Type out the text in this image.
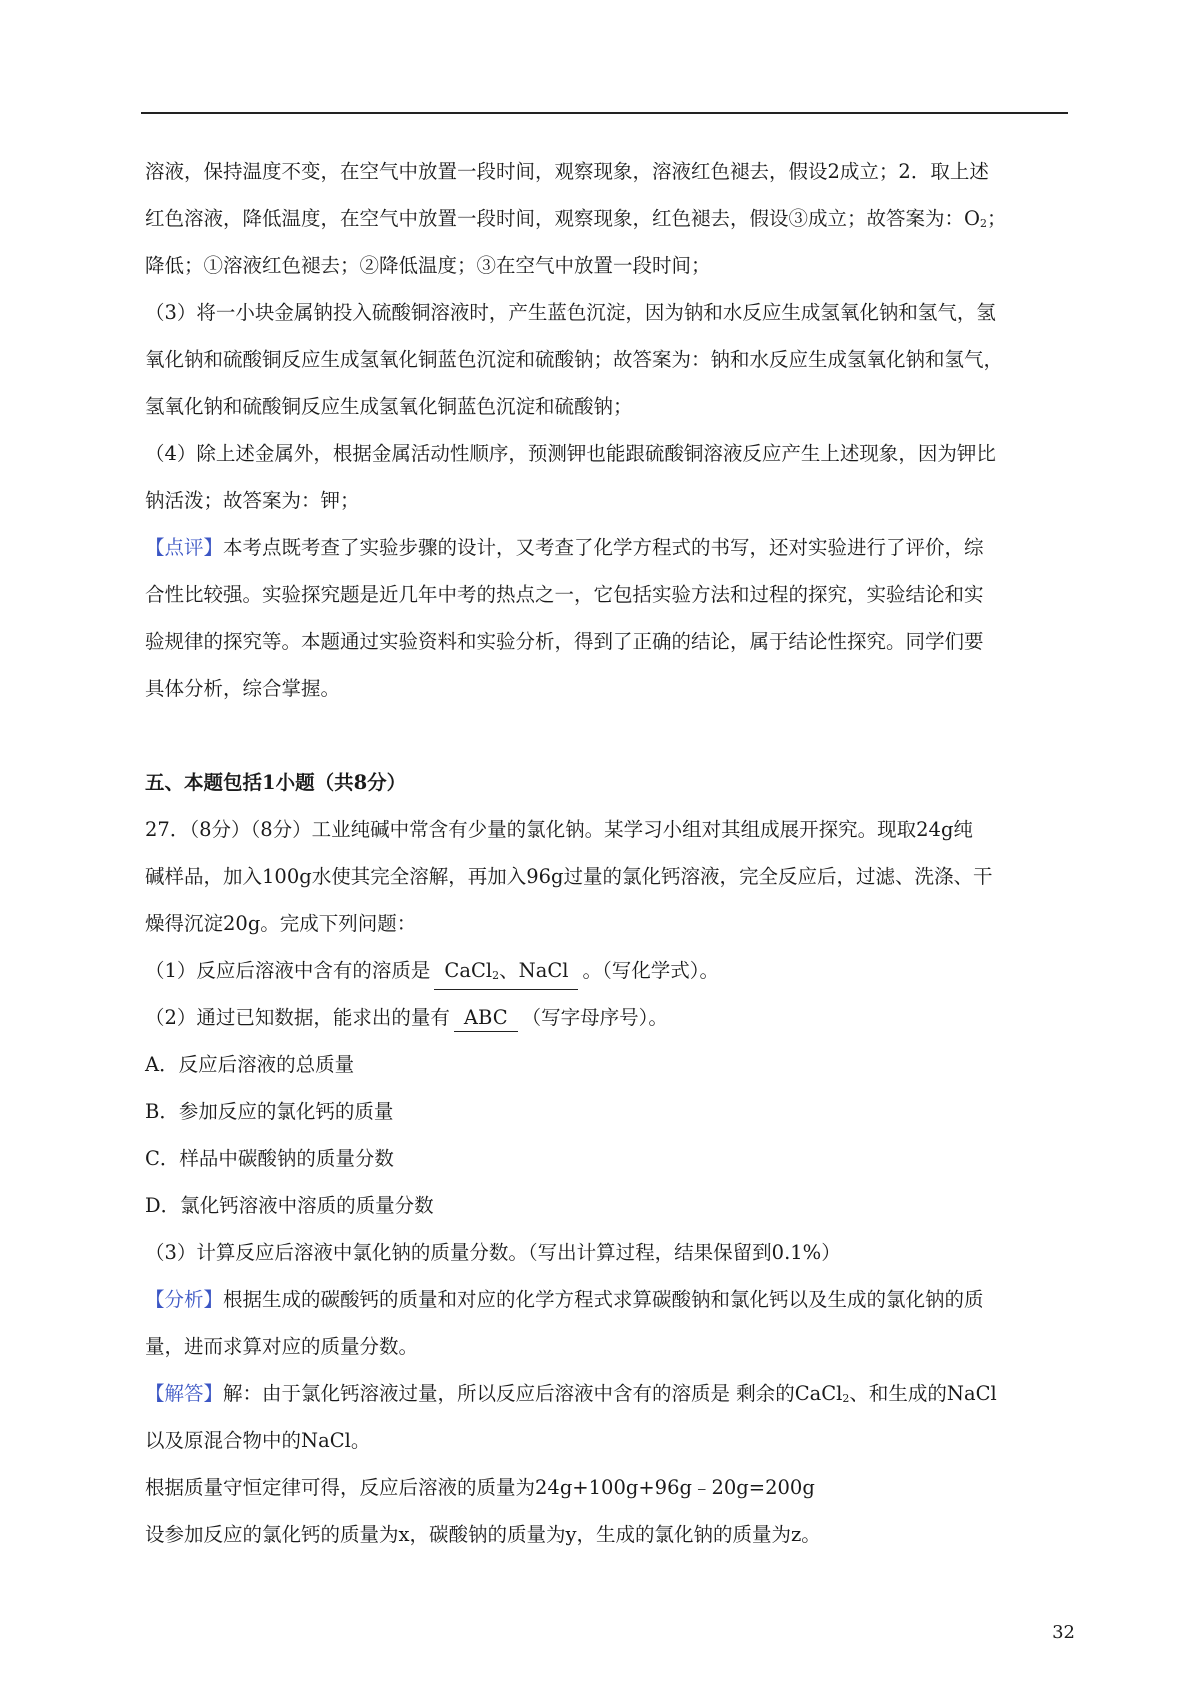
溶液，保持温度不变，在空气中放置一段时间，观察现象，溶液红色褪去，假设2成立；2．取上述
红色溶液，降低温度，在空气中放置一段时间，观察现象，红色褪去，假设③成立；故答案为：$O_2$；
降低；①溶液红色褪去；②降低温度；③在空气中放置一段时间；
（3）将一小块金属钠投入硫酸铜溶液时，产生蓝色沉淀，因为钠和水反应生成氢氧化钠和氢气，氢
氧化钠和硫酸铜反应生成氢氧化铜蓝色沉淀和硫酸钠；故答案为：钠和水反应生成氢氧化钠和氢气，
氢氧化钠和硫酸铜反应生成氢氧化铜蓝色沉淀和硫酸钠；
（4）除上述金属外，根据金属活动性顺序，预测钾也能跟硫酸铜溶液反应产生上述现象，因为钾比
钠活泼；故答案为：钾；
【点评】本考点既考查了实验步骤的设计，又考查了化学方程式的书写，还对实验进行了评价，综
合性比较强。实验探究题是近几年中考的热点之一，它包括实验方法和过程的探究，实验结论和实
验规律的探究等。本题通过实验资料和实验分析，得到了正确的结论，属于结论性探究。同学们要
具体分析，综合掌握。
五、本题包括1小题（共8分）
27．（8分）（8分）工业纯碱中常含有少量的氯化钠。某学习小组对其组成展开探究。现取24g纯
碱样品，加入100g水使其完全溶解，再加入96g过量的氯化钙溶液，完全反应后，过滤、洗涤、干
燥得沉淀20g。完成下列问题：
（1）反应后溶液中含有的溶质是 CaCl$_2$、NaCl 。（写化学式）。
（2）通过已知数据，能求出的量有 ABC （写字母序号）。
A．反应后溶液的总质量
B．参加反应的氯化钙的质量
C．样品中碳酸钠的质量分数
D．氯化钙溶液中溶质的质量分数
（3）计算反应后溶液中氯化钠的质量分数。（写出计算过程，结果保留到0.1%）
【分析】根据生成的碳酸钙的质量和对应的化学方程式求算碳酸钠和氯化钙以及生成的氯化钠的质
量，进而求算对应的质量分数。
【解答】解：由于氯化钙溶液过量，所以反应后溶液中含有的溶质是 剩余的CaCl$_2$、和生成的NaCl
以及原混合物中的NaCl。
根据质量守恒定律可得，反应后溶液的质量为24g+100g+96g﹣20g=200g
设参加反应的氯化钙的质量为x，碳酸钠的质量为y，生成的氯化钠的质量为z。
32
